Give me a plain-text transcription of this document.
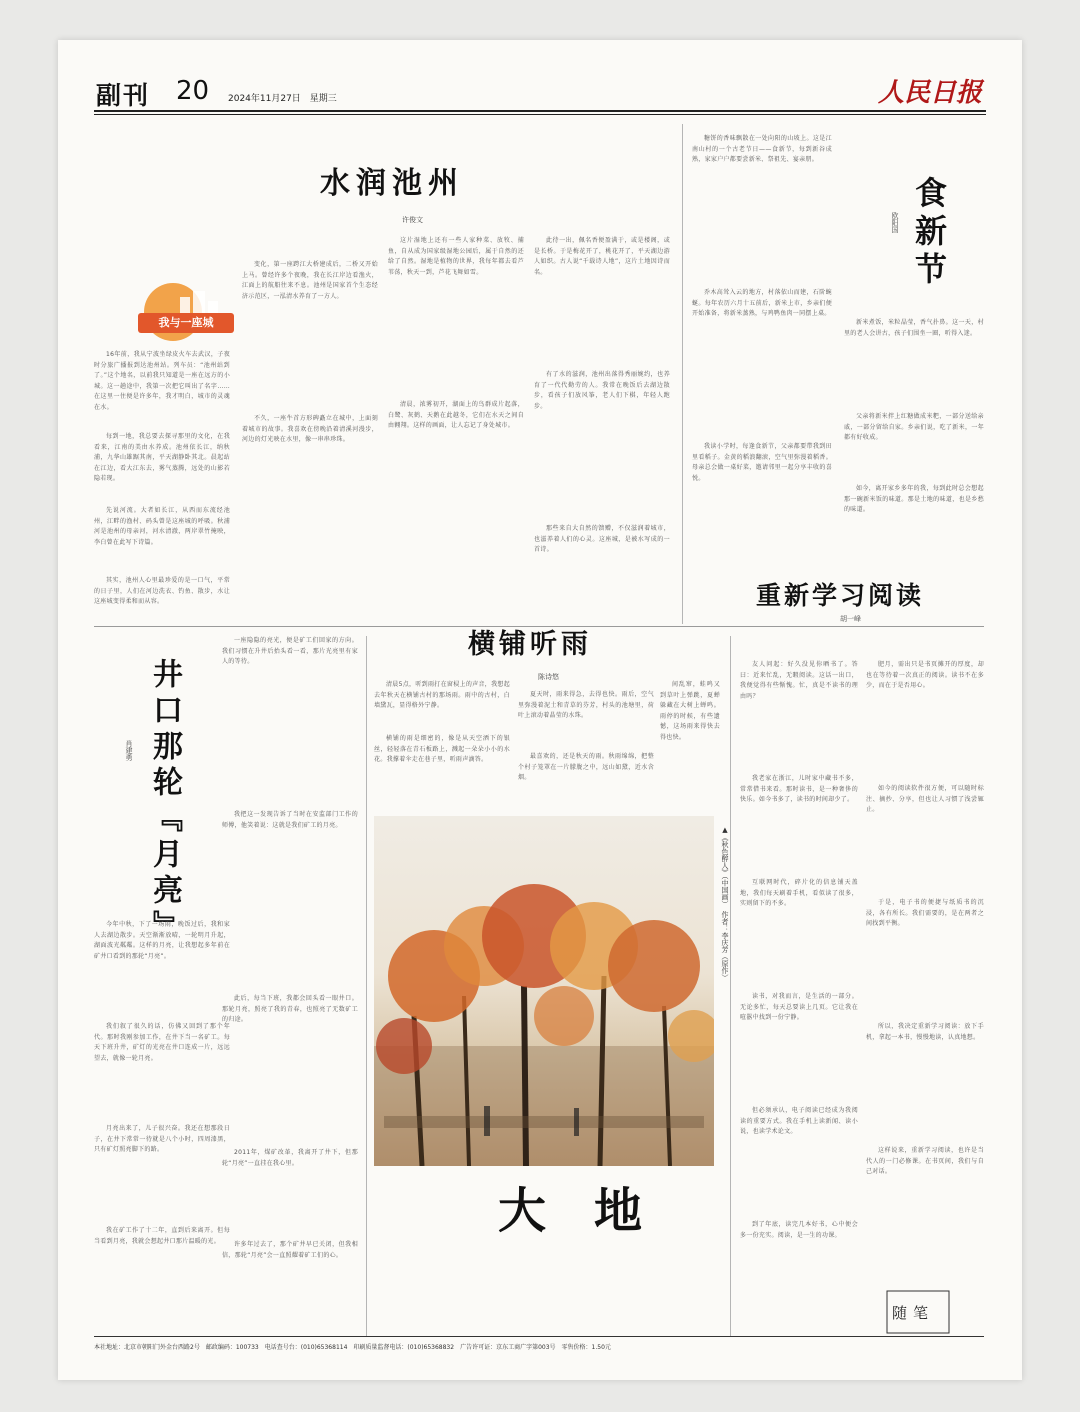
副刊 20 2024年11月27日　星期三	人民日报
我与一座城
水润池州
许俊文

16年前，我从宁波坐绿皮火车去武汉，子夜时分旅广播报到达池州站。列车员：“池州站到了。”这个地名，以前我只知道是一座在远方的小城。这一趟途中，我第一次把它叫出了名字……在这里一住便是许多年，我才明白，城市的灵魂在水。

每到一地，我总要去探寻那里的文化，在我看来，江南的美由水养成。池州依长江，纳秋浦，九华山雄踞其南，平天湖静卧其北。晨起站在江边，看大江东去，雾气蒸腾，远处的山影若隐若现。

先说河流。大者如长江，从西而东流经池州，江畔的渔村、码头曾是这座城的呼吸。秋浦河是池州的母亲河，河水清澈，两岸翠竹掩映，李白曾在此写下诗篇。

其实，池州人心里最珍爱的是一口气，平常的日子里，人们在河边洗衣、钓鱼、散步，水让这座城变得柔和而从容。

变化，第一座跨江大桥建成后，二桥又开始上马。曾经许多个夜晚，我在长江岸边看渔火，江面上的航船往来不息。池州是国家首个生态经济示范区，一泓清水养育了一方人。

不久，一座牛首方形碑矗立在城中，上面刻着城市的故事。我喜欢在傍晚沿着清溪河漫步，河边的灯光映在水里，像一串串珍珠。

这片湿地上还有一些人家种菜、放牧、捕鱼，自从成为国家级湿地公园后，属于自然的还给了自然。湿地是植物的世界，我每年都去看芦苇荡，秋天一到，芦花飞舞如雪。

清晨，浓雾初开，湖面上的鸟群成片起落，白鹭、灰鹤、天鹅在此越冬，它们在水天之间自由翱翔。这样的画面，让人忘记了身处城市。

此待一出，佩名香便盈满于，或是楼阁，或是长桥。于是梅花开了，桃花开了，平天湖边游人如织。古人说“千载诗人地”，这片土地因诗而名。

有了水的滋润，池州出落得秀丽婉约，也养育了一代代勤劳的人。我常在晚饭后去湖边散步，看孩子们放风筝，老人们下棋，年轻人跑步。

那些来自大自然的馈赠，不仅滋润着城市，也滋养着人们的心灵。这座城，是被水写成的一首诗。

糖饼的香味飘散在一处向阳的山坡上。这是江南山村的一个古老节日——食新节，每到新谷成熟，家家户户都要尝新米、祭祖先、宴亲朋。

乔木高耸入云的地方，村落依山而建，石阶蜿蜒。每年农历六月十五前后，新米上市，乡亲们便开始准备，将新米蒸熟，与鸡鸭鱼肉一同摆上桌。

我读小学时，每逢食新节，父亲都要带我到田里看稻子。金黄的稻浪翻滚，空气里弥漫着稻香。母亲总会做一桌好菜，邀请邻里一起分享丰收的喜悦。

食新节
欧阳国

新米煮饭，米粒晶莹，香气扑鼻。这一天，村里的老人会讲古，孩子们围坐一圈，听得入迷。

父亲将新米拌上红糖做成米粑，一部分送给亲戚，一部分留给自家。乡亲们说，吃了新米，一年都有好收成。

如今，离开家乡多年的我，每到此时总会想起那一碗新米饭的味道。那是土地的味道，也是乡愁的味道。

重新学习阅读
胡一峰
井口那轮『月亮』
肖建勇

今年中秋，下了一场雨，晚饭过后，我和家人去湖边散步。天空渐渐放晴，一轮明月升起，湖面波光粼粼。这样的月亮，让我想起多年前在矿井口看到的那轮“月亮”。

我们叙了很久的话，仿佛又回到了那个年代。那时我刚参加工作，在井下当一名矿工。每天下班升井，矿灯的光亮在井口连成一片，远远望去，就像一轮月亮。

月亮出来了，儿子很兴奋。我还在想那段日子，在井下常常一待就是八个小时，四周漆黑，只有矿灯照亮脚下的路。

我在矿工作了十二年，直到后来离开。但每当看到月亮，我就会想起井口那片温暖的光。

一座隐隐的亮光，便是矿工们回家的方向。我们习惯在升井后抬头看一看，那片光亮里有家人的等待。

我把这一发现告诉了当时在安监部门工作的师傅，他笑着说：这就是我们矿工的月亮。

此后，每当下班，我都会回头看一眼井口。那轮月亮，照亮了我的青春，也照亮了无数矿工的归途。

2011年，煤矿改革，我离开了井下，但那轮“月亮”一直挂在我心里。

许多年过去了，那个矿井早已关闭，但我相信，那轮“月亮”会一直照耀着矿工们的心。

横铺听雨
陈诗悠

清晨5点，听到雨打在窗棂上的声音，我想起去年秋天在横铺古村的那场雨。雨中的古村，白墙黛瓦，显得格外宁静。

横铺的雨是细密的，像是从天空洒下的银丝，轻轻落在青石板路上，溅起一朵朵小小的水花。我撑着伞走在巷子里，听雨声滴答。

夏天时，雨来得急，去得也快。雨后，空气里弥漫着泥土和青草的芬芳，村头的池塘里，荷叶上滚动着晶莹的水珠。

最喜欢的，还是秋天的雨。秋雨绵绵，把整个村子笼罩在一片朦胧之中，远山如黛，近水含烟。

间乱窜，蛙鸣又到草叶上弹跳，夏蝉躲藏在大树上蝉鸣。雨停的时候，有些遗憾，这场雨来得快去得也快。

▲《秋色醉人》（中国画）　作者：李庆芳（原作）

友人问起：好久没见你晒书了。答曰：近来忙乱，无暇阅读。这话一出口，我便觉得有些惭愧。忙，真是不读书的理由吗？

我老家在浙江，儿时家中藏书不多，常常借书来看。那时读书，是一种奢侈的快乐。如今书多了，读书的时间却少了。

互联网时代，碎片化的信息铺天盖地，我们每天刷着手机，看似读了很多，实则留下的不多。

读书，对我而言，是生活的一部分。无论多忙，每天总要读上几页。它让我在喧嚣中找到一份宁静。

但必须承认，电子阅读已经成为我阅读的重要方式。我在手机上读新闻、读小说，也读学术论文。

到了年底，读完几本好书，心中便会多一份充实。阅读，是一生的功课。

肥月，需出只是书页摊开的厚度，却也在等待着一次真正的阅读。读书不在多少，而在于是否用心。

如今的阅读软件很方便，可以随时标注、摘抄、分享，但也让人习惯了浅尝辄止。

于是，电子书的便捷与纸质书的沉浸，各有所长。我们需要的，是在两者之间找到平衡。

所以，我决定重新学习阅读：放下手机，拿起一本书，慢慢地读，认真地想。

这样说来，重新学习阅读，也许是当代人的一门必修课。在书页间，我们与自己对话。

大地
随笔
本社地址：北京市朝阳门外金台西路2号　邮政编码：100733　电话查号台：(010)65368114　印刷质量监督电话：(010)65368832　广告许可证：京东工商广字第003号　零售价格：1.50元
